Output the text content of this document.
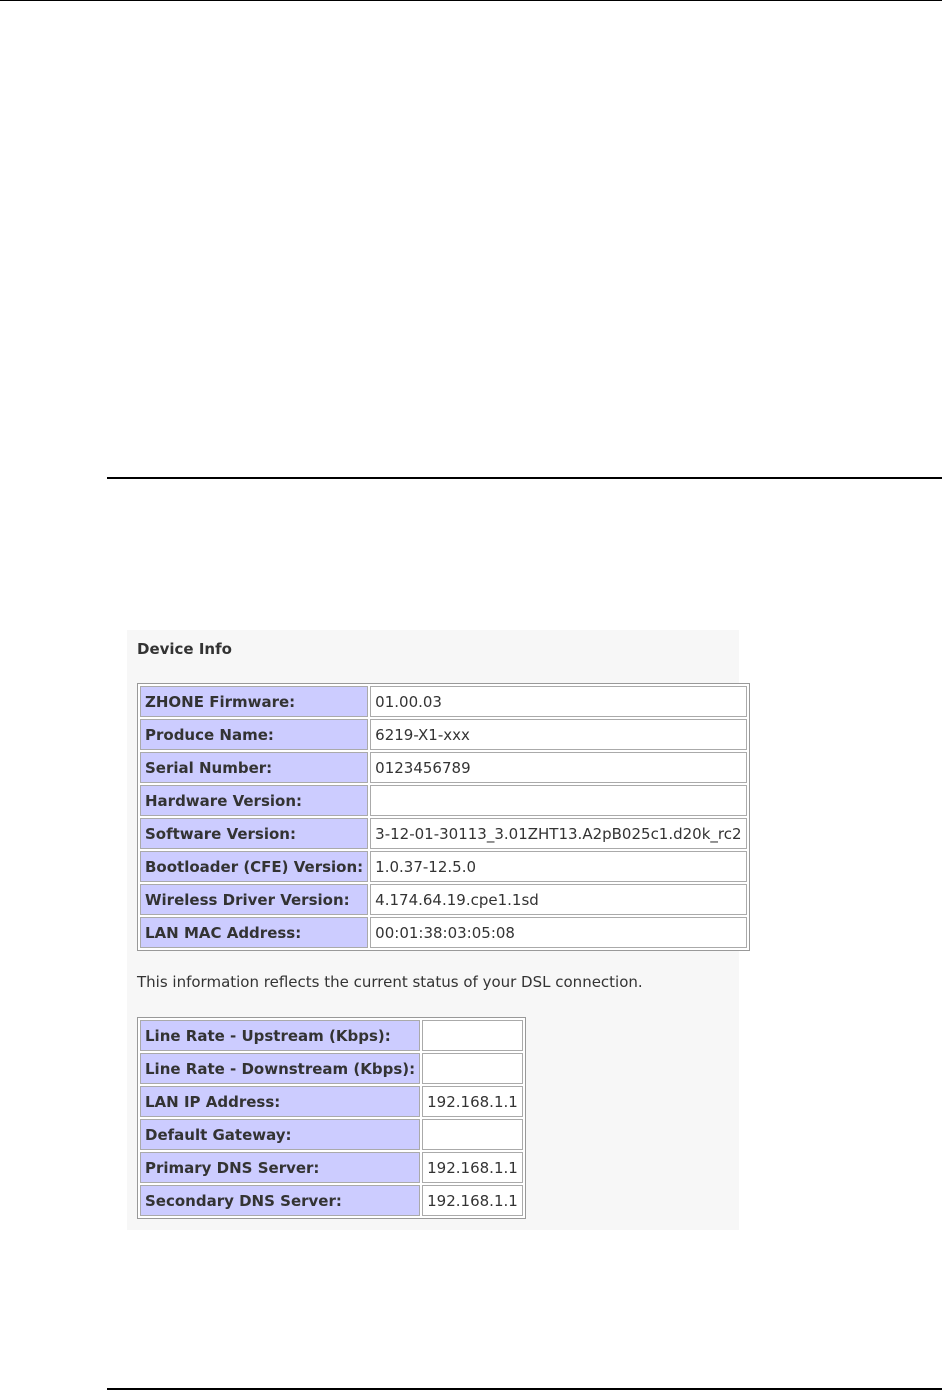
Device Info
ZHONE Firmware:	01.00.03
Produce Name:	6219-X1-xxx
Serial Number:	0123456789
Hardware Version:	
Software Version:	3-12-01-30113_3.01ZHT13.A2pB025c1.d20k_rc2
Bootloader (CFE) Version:	1.0.37-12.5.0
Wireless Driver Version:	4.174.64.19.cpe1.1sd
LAN MAC Address:	00:01:38:03:05:08
This information reflects the current status of your DSL connection.
Line Rate - Upstream (Kbps):	
Line Rate - Downstream (Kbps):	
LAN IP Address:	192.168.1.1
Default Gateway:	
Primary DNS Server:	192.168.1.1
Secondary DNS Server:	192.168.1.1
